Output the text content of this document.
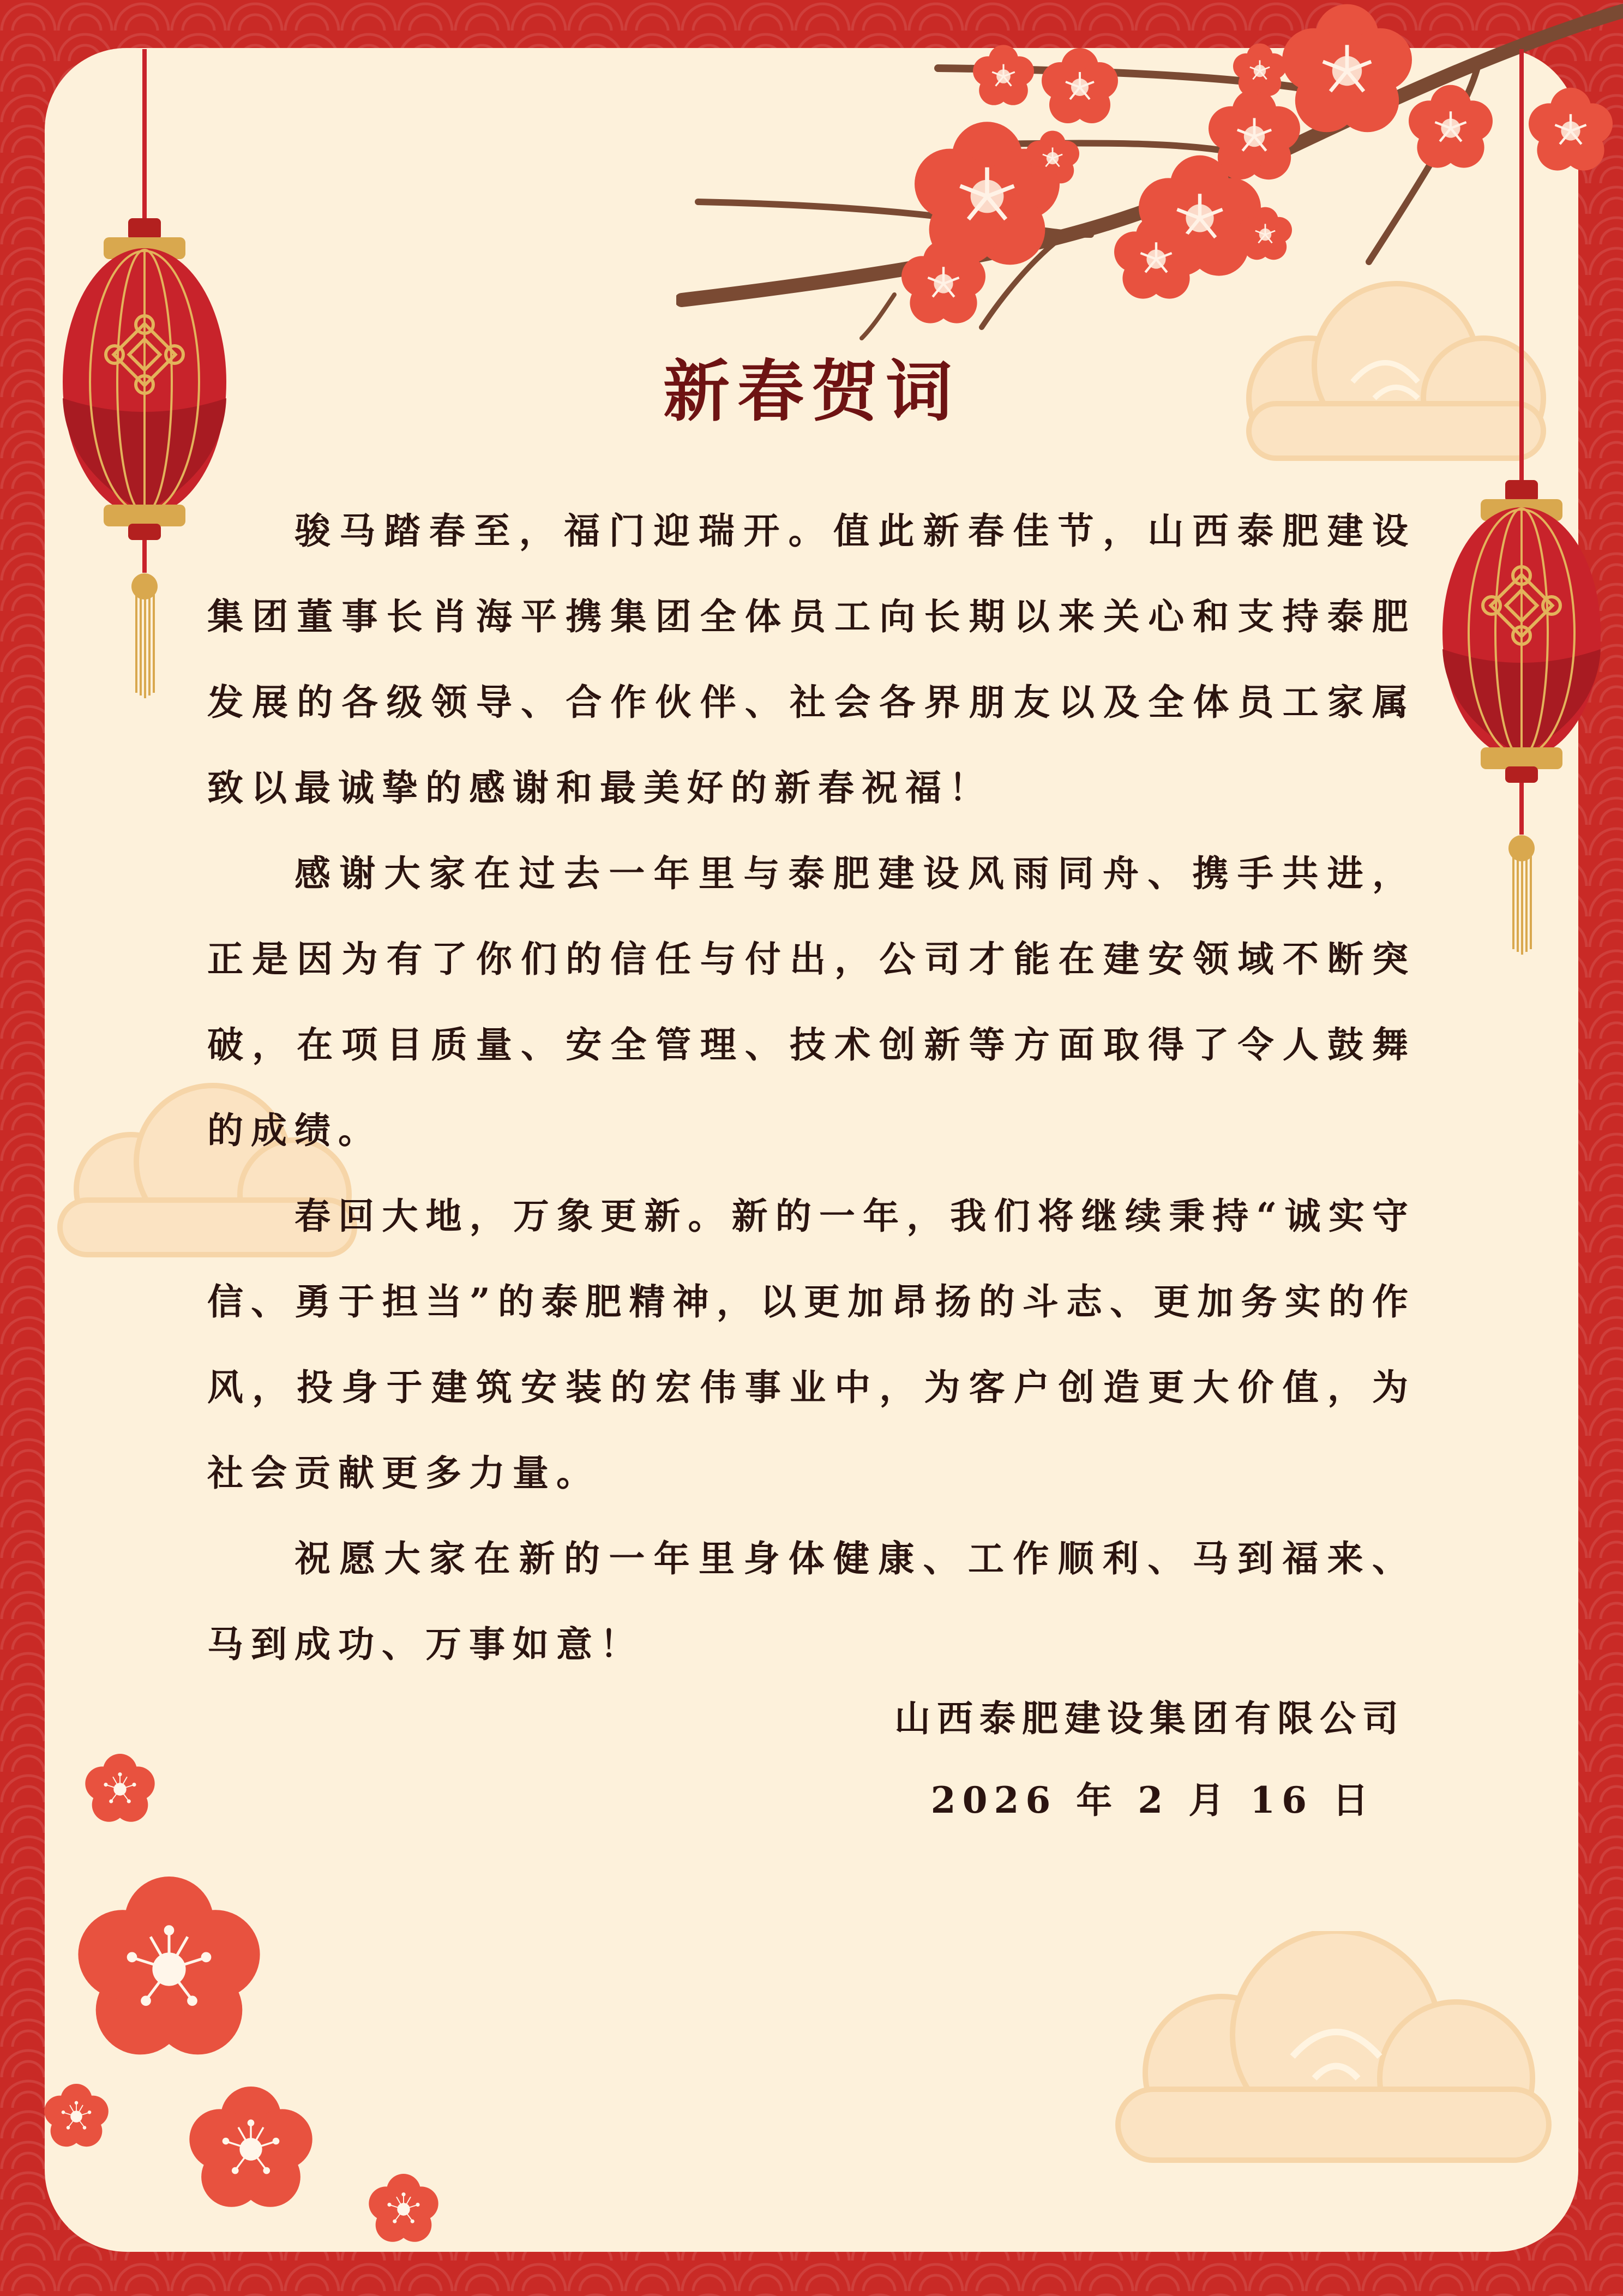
新春贺词

骏马踏春至，福门迎瑞开。值此新春佳节，山西泰肥建设集团董事长肖海平携集团全体员工向长期以来关心和支持泰肥发展的各级领导、合作伙伴、社会各界朋友以及全体员工家属致以最诚挚的感谢和最美好的新春祝福！

感谢大家在过去一年里与泰肥建设风雨同舟、携手共进，正是因为有了你们的信任与付出，公司才能在建安领域不断突破，在项目质量、安全管理、技术创新等方面取得了令人鼓舞的成绩。

春回大地，万象更新。新的一年，我们将继续秉持“诚实守信、勇于担当”的泰肥精神，以更加昂扬的斗志、更加务实的作风，投身于建筑安装的宏伟事业中，为客户创造更大价值，为社会贡献更多力量。

祝愿大家在新的一年里身体健康、工作顺利、马到福来、马到成功、万事如意！

山西泰肥建设集团有限公司
2026 年 2 月 16 日
